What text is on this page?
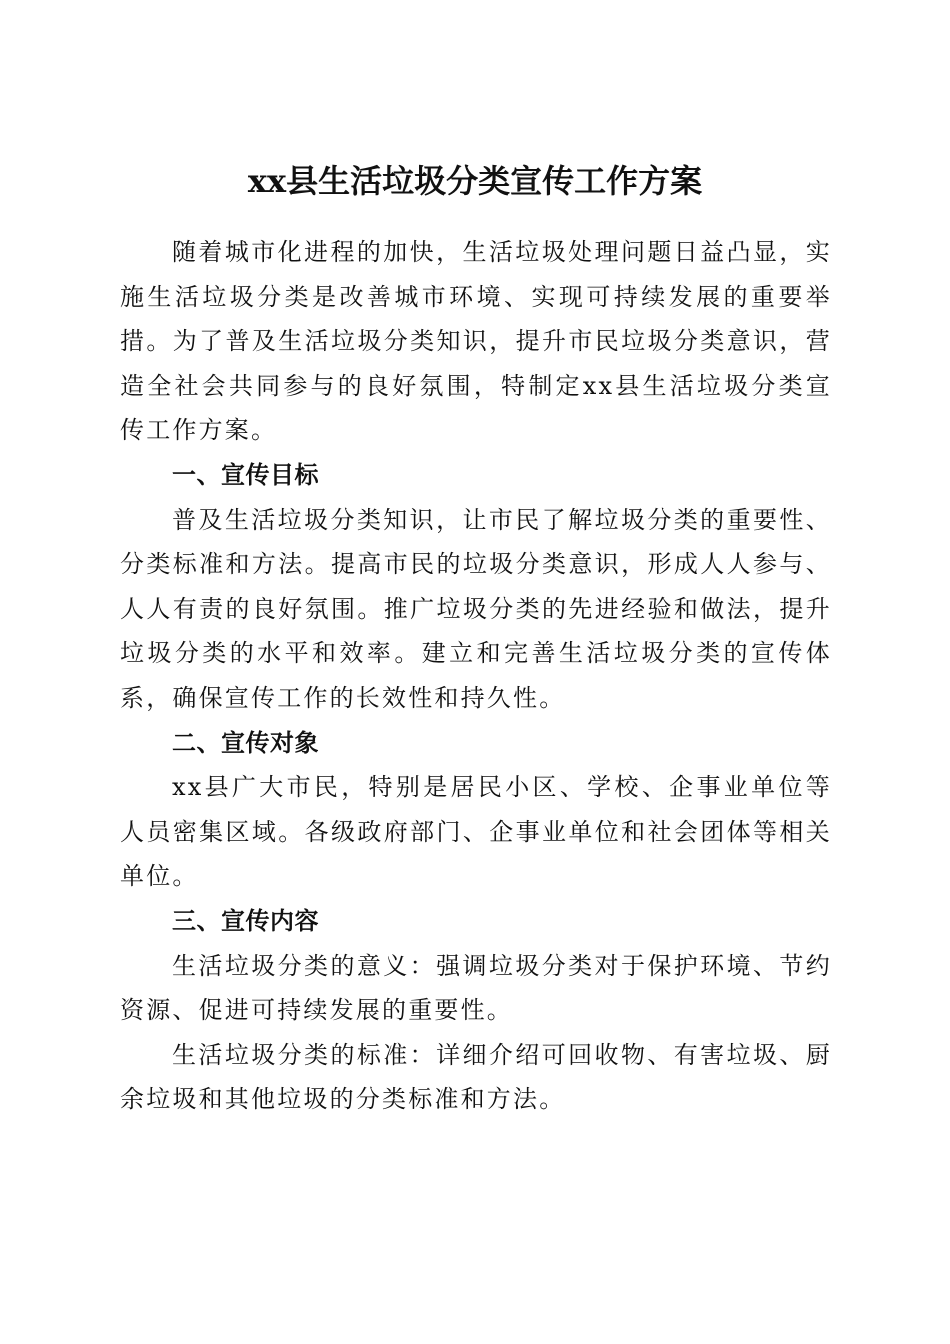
xx县生活垃圾分类宣传工作方案

随着城市化进程的加快，生活垃圾处理问题日益凸显，实施生活垃圾分类是改善城市环境、实现可持续发展的重要举措。为了普及生活垃圾分类知识，提升市民垃圾分类意识，营造全社会共同参与的良好氛围，特制定xx县生活垃圾分类宣传工作方案。

一、宣传目标

普及生活垃圾分类知识，让市民了解垃圾分类的重要性、分类标准和方法。提高市民的垃圾分类意识，形成人人参与、人人有责的良好氛围。推广垃圾分类的先进经验和做法，提升垃圾分类的水平和效率。建立和完善生活垃圾分类的宣传体系，确保宣传工作的长效性和持久性。

二、宣传对象

xx县广大市民，特别是居民小区、学校、企事业单位等人员密集区域。各级政府部门、企事业单位和社会团体等相关单位。

三、宣传内容

生活垃圾分类的意义：强调垃圾分类对于保护环境、节约资源、促进可持续发展的重要性。

生活垃圾分类的标准：详细介绍可回收物、有害垃圾、厨余垃圾和其他垃圾的分类标准和方法。
